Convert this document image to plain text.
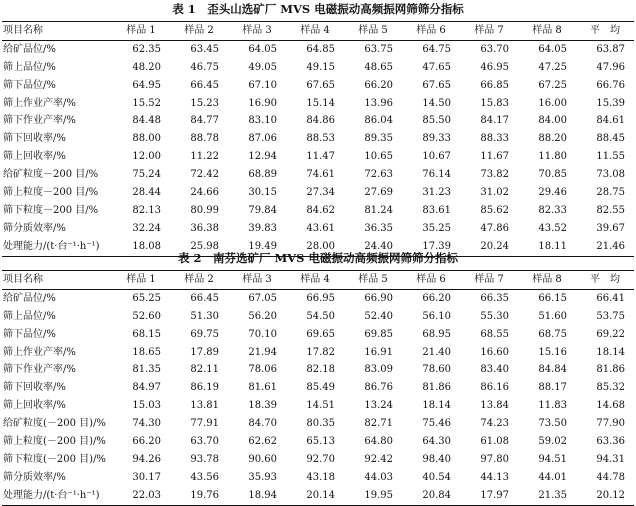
表 1　歪头山选矿厂 MVS 电磁振动高频振网筛筛分指标
项目名称	样品 1	样品 2	样品 3	样品 4	样品 5	样品 6	样品 7	样品 8	平　均
给矿品位/%	62.35	63.45	64.05	64.85	63.75	64.75	63.70	64.05	63.87
筛上品位/%	48.20	46.75	49.05	49.15	48.65	47.65	46.95	47.25	47.96
筛下品位/%	64.95	66.45	67.10	67.65	66.20	67.65	66.85	67.25	66.76
筛上作业产率/%	15.52	15.23	16.90	15.14	13.96	14.50	15.83	16.00	15.39
筛下作业产率/%	84.48	84.77	83.10	84.86	86.04	85.50	84.17	84.00	84.61
筛下回收率/%	88.00	88.78	87.06	88.53	89.35	89.33	88.33	88.20	88.45
筛上回收率/%	12.00	11.22	12.94	11.47	10.65	10.67	11.67	11.80	11.55
给矿粒度－200 目/%	75.24	72.42	68.89	74.61	72.63	76.14	73.82	70.85	73.08
筛上粒度－200 目/%	28.44	24.66	30.15	27.34	27.69	31.23	31.02	29.46	28.75
筛下粒度－200 目/%	82.13	80.99	79.84	84.62	81.24	83.61	85.62	82.33	82.55
筛分质效率/%	32.24	36.38	39.83	43.61	36.35	35.25	47.86	43.52	39.67
处理能力/(t·台⁻¹·h⁻¹)	18.08	25.98	19.49	28.00	24.40	17.39	20.24	18.11	21.46
表 2　南芬选矿厂 MVS 电磁振动高频振网筛筛分指标
项目名称	样品 1	样品 2	样品 3	样品 4	样品 5	样品 6	样品 7	样品 8	平　均
给矿品位/%	65.25	66.45	67.05	66.95	66.90	66.20	66.35	66.15	66.41
筛上品位/%	52.60	51.30	56.20	54.50	52.40	56.10	55.30	51.60	53.75
筛下品位/%	68.15	69.75	70.10	69.65	69.85	68.95	68.55	68.75	69.22
筛上作业产率/%	18.65	17.89	21.94	17.82	16.91	21.40	16.60	15.16	18.14
筛下作业产率/%	81.35	82.11	78.06	82.18	83.09	78.60	83.40	84.84	81.86
筛下回收率/%	84.97	86.19	81.61	85.49	86.76	81.86	86.16	88.17	85.32
筛上回收率/%	15.03	13.81	18.39	14.51	13.24	18.14	13.84	11.83	14.68
给矿粒度(－200 目)/%	74.30	77.91	84.70	80.35	82.71	75.46	74.23	73.50	77.90
筛上粒度(－200 目)/%	66.20	63.70	62.62	65.13	64.80	64.30	61.08	59.02	63.36
筛下粒度(－200 目)/%	94.26	93.78	90.60	92.70	92.42	98.40	97.80	94.51	94.31
筛分质效率/%	30.17	43.56	35.93	43.18	44.03	40.54	44.13	44.01	44.78
处理能力/(t·台⁻¹·h⁻¹)	22.03	19.76	18.94	20.14	19.95	20.84	17.97	21.35	20.12
